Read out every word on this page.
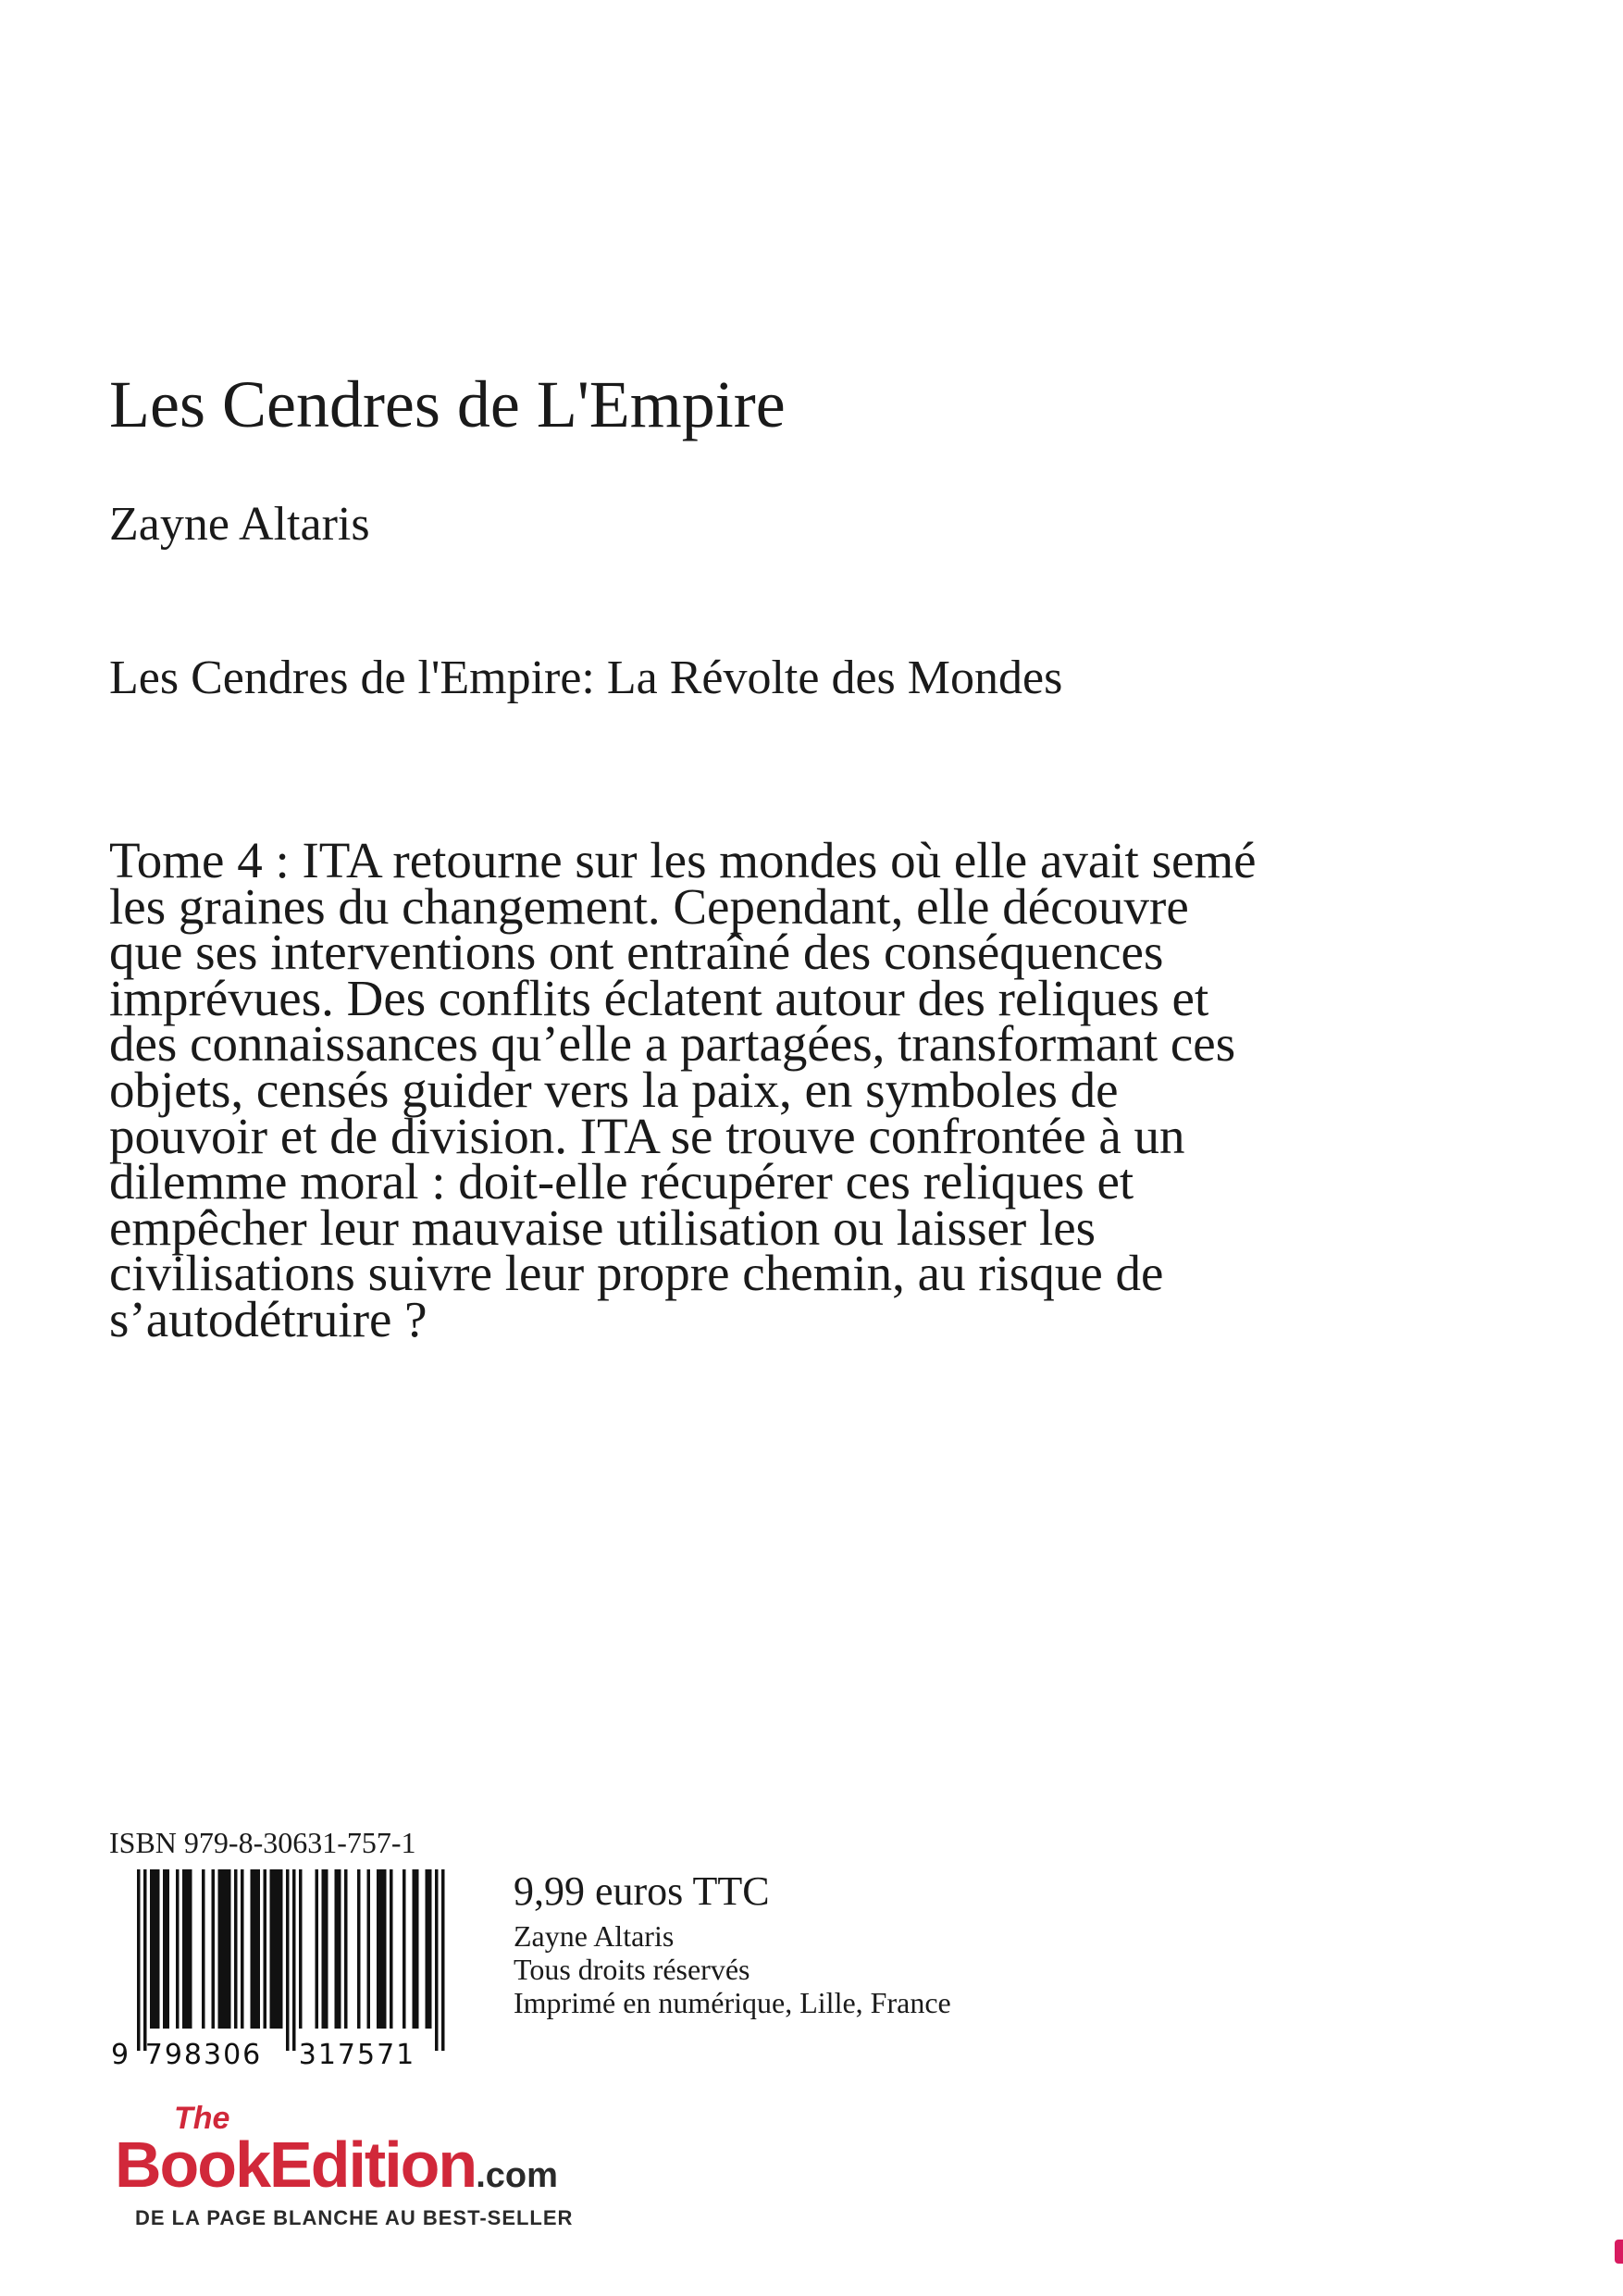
Les Cendres de L'Empire
Zayne Altaris
Les Cendres de l'Empire: La Révolte des Mondes

Tome 4 : ITA retourne sur les mondes où elle avait semé les graines du changement. Cependant, elle découvre que ses interventions ont entraîné des conséquences imprévues. Des conflits éclatent autour des reliques et des connaissances qu’elle a partagées, transformant ces objets, censés guider vers la paix, en symboles de pouvoir et de division. ITA se trouve confrontée à un dilemme moral : doit-elle récupérer ces reliques et empêcher leur mauvaise utilisation ou laisser les civilisations suivre leur propre chemin, au risque de s’autodétruire ?

ISBN 979-8-30631-757-1
9 798306 317571
9,99 euros TTC
Zayne Altaris
Tous droits réservés
Imprimé en numérique, Lille, France
The
BookEdition.com
DE LA PAGE BLANCHE AU BEST-SELLER
